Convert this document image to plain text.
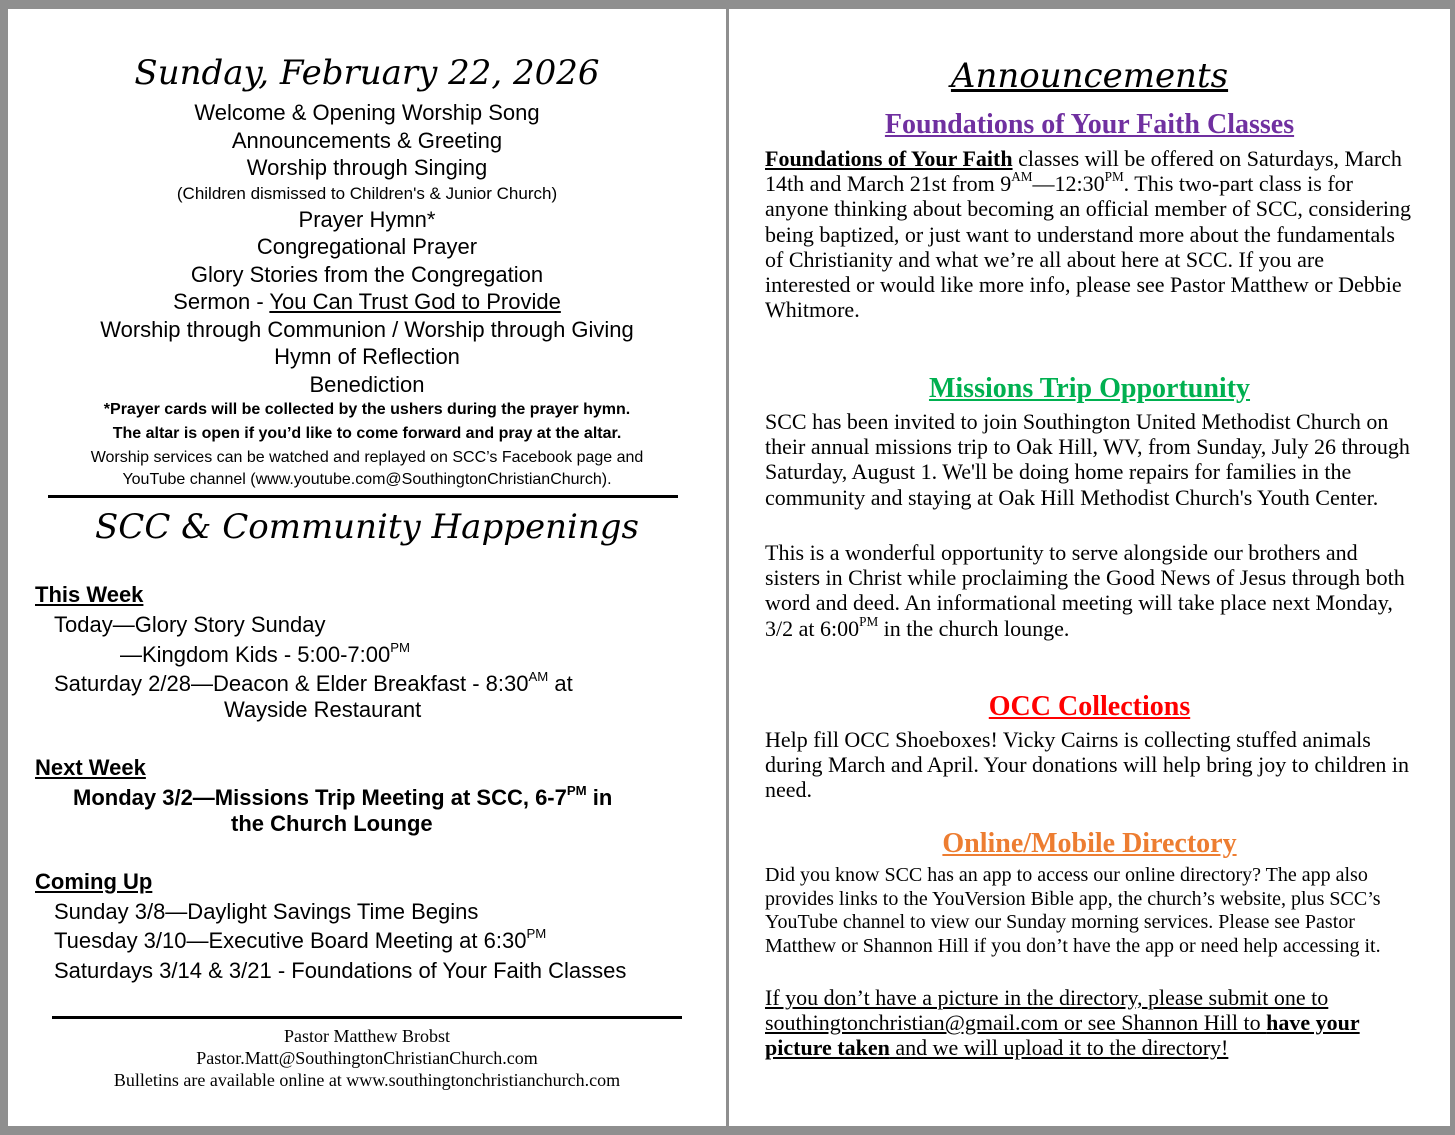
Sunday, February 22, 2026
Welcome & Opening Worship Song
Announcements & Greeting
Worship through Singing
(Children dismissed to Children's & Junior Church)
Prayer Hymn*
Congregational Prayer
Glory Stories from the Congregation
Sermon - You Can Trust God to Provide
Worship through Communion / Worship through Giving
Hymn of Reflection
Benediction
*Prayer cards will be collected by the ushers during the prayer hymn.
The altar is open if you’d like to come forward and pray at the altar.
Worship services can be watched and replayed on SCC’s Facebook page and
YouTube channel (www.youtube.com@SouthingtonChristianChurch).
SCC & Community Happenings
This Week
Today—Glory Story Sunday
—Kingdom Kids - $5:00-7:00^{PM}$
Saturday 2/28—Deacon & Elder Breakfast - $8:30^{AM}$ at
Wayside Restaurant
Next Week
Monday 3/2—Missions Trip Meeting at SCC, $6-7^{PM}$ in
the Church Lounge
Coming Up
Sunday 3/8—Daylight Savings Time Begins
Tuesday 3/10—Executive Board Meeting at $6:30^{PM}$
Saturdays 3/14 & 3/21 - Foundations of Your Faith Classes
Pastor Matthew Brobst
Pastor.Matt@SouthingtonChristianChurch.com
Bulletins are available online at www.southingtonchristianchurch.com
Announcements
Foundations of Your Faith Classes
Foundations of Your Faith classes will be offered on Saturdays, March 14th and March 21st from $9^{AM}—12:30^{PM}$. This two-part class is for anyone thinking about becoming an official member of SCC, considering being baptized, or just want to understand more about the fundamentals of Christianity and what we’re all about here at SCC. If you are interested or would like more info, please see Pastor Matthew or Debbie Whitmore.
Missions Trip Opportunity
SCC has been invited to join Southington United Methodist Church on their annual missions trip to Oak Hill, WV, from Sunday, July 26 through Saturday, August 1. We'll be doing home repairs for families in the community and staying at Oak Hill Methodist Church's Youth Center.
This is a wonderful opportunity to serve alongside our brothers and sisters in Christ while proclaiming the Good News of Jesus through both word and deed. An informational meeting will take place next Monday, 3/2 at $6:00^{PM}$ in the church lounge.
OCC Collections
Help fill OCC Shoeboxes! Vicky Cairns is collecting stuffed animals during March and April. Your donations will help bring joy to children in need.
Online/Mobile Directory
Did you know SCC has an app to access our online directory? The app also provides links to the YouVersion Bible app, the church’s website, plus SCC’s YouTube channel to view our Sunday morning services. Please see Pastor Matthew or Shannon Hill if you don’t have the app or need help accessing it.
If you don’t have a picture in the directory, please submit one to southingtonchristian@gmail.com or see Shannon Hill to have your picture taken and we will upload it to the directory!
